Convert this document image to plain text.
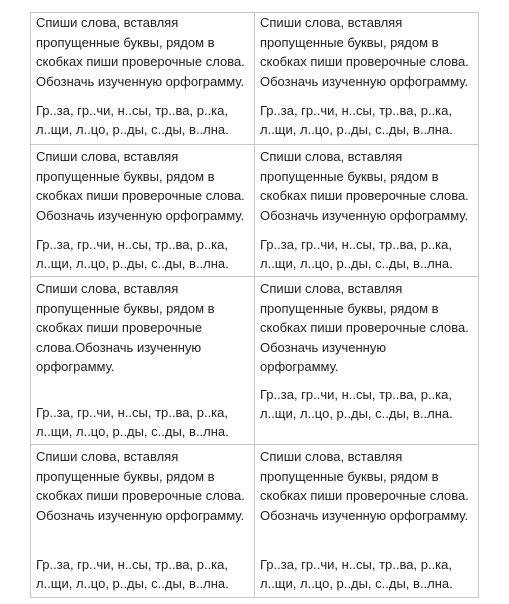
Спиши слова, вставляя
пропущенные буквы, рядом в
скобках пиши проверочные слова.
Обозначь изученную орфограмму.

Гр..за, гр..чи, н..сы, тр..ва, р..ка,
л..щи, л..цо, р..ды, с..ды, в..лна.

Спиши слова, вставляя
пропущенные буквы, рядом в
скобках пиши проверочные слова.
Обозначь изученную орфограмму.

Гр..за, гр..чи, н..сы, тр..ва, р..ка,
л..щи, л..цо, р..ды, с..ды, в..лна.

Спиши слова, вставляя
пропущенные буквы, рядом в
скобках пиши проверочные слова.
Обозначь изученную орфограмму.

Гр..за, гр..чи, н..сы, тр..ва, р..ка,
л..щи, л..цо, р..ды, с..ды, в..лна.

Спиши слова, вставляя
пропущенные буквы, рядом в
скобках пиши проверочные слова.
Обозначь изученную орфограмму.

Гр..за, гр..чи, н..сы, тр..ва, р..ка,
л..щи, л..цо, р..ды, с..ды, в..лна.

Спиши слова, вставляя
пропущенные буквы, рядом в
скобках пиши проверочные
слова.Обозначь изученную
орфограмму.

Гр..за, гр..чи, н..сы, тр..ва, р..ка,
л..щи, л..цо, р..ды, с..ды, в..лна.

Спиши слова, вставляя
пропущенные буквы, рядом в
скобках пиши проверочные слова.
Обозначь изученную
орфограмму.

Гр..за, гр..чи, н..сы, тр..ва, р..ка,
л..щи, л..цо, р..ды, с..ды, в..лна.

Спиши слова, вставляя
пропущенные буквы, рядом в
скобках пиши проверочные слова.
Обозначь изученную орфограмму.

Гр..за, гр..чи, н..сы, тр..ва, р..ка,
л..щи, л..цо, р..ды, с..ды, в..лна.

Спиши слова, вставляя
пропущенные буквы, рядом в
скобках пиши проверочные слова.
Обозначь изученную орфограмму.

Гр..за, гр..чи, н..сы, тр..ва, р..ка,
л..щи, л..цо, р..ды, с..ды, в..лна.
